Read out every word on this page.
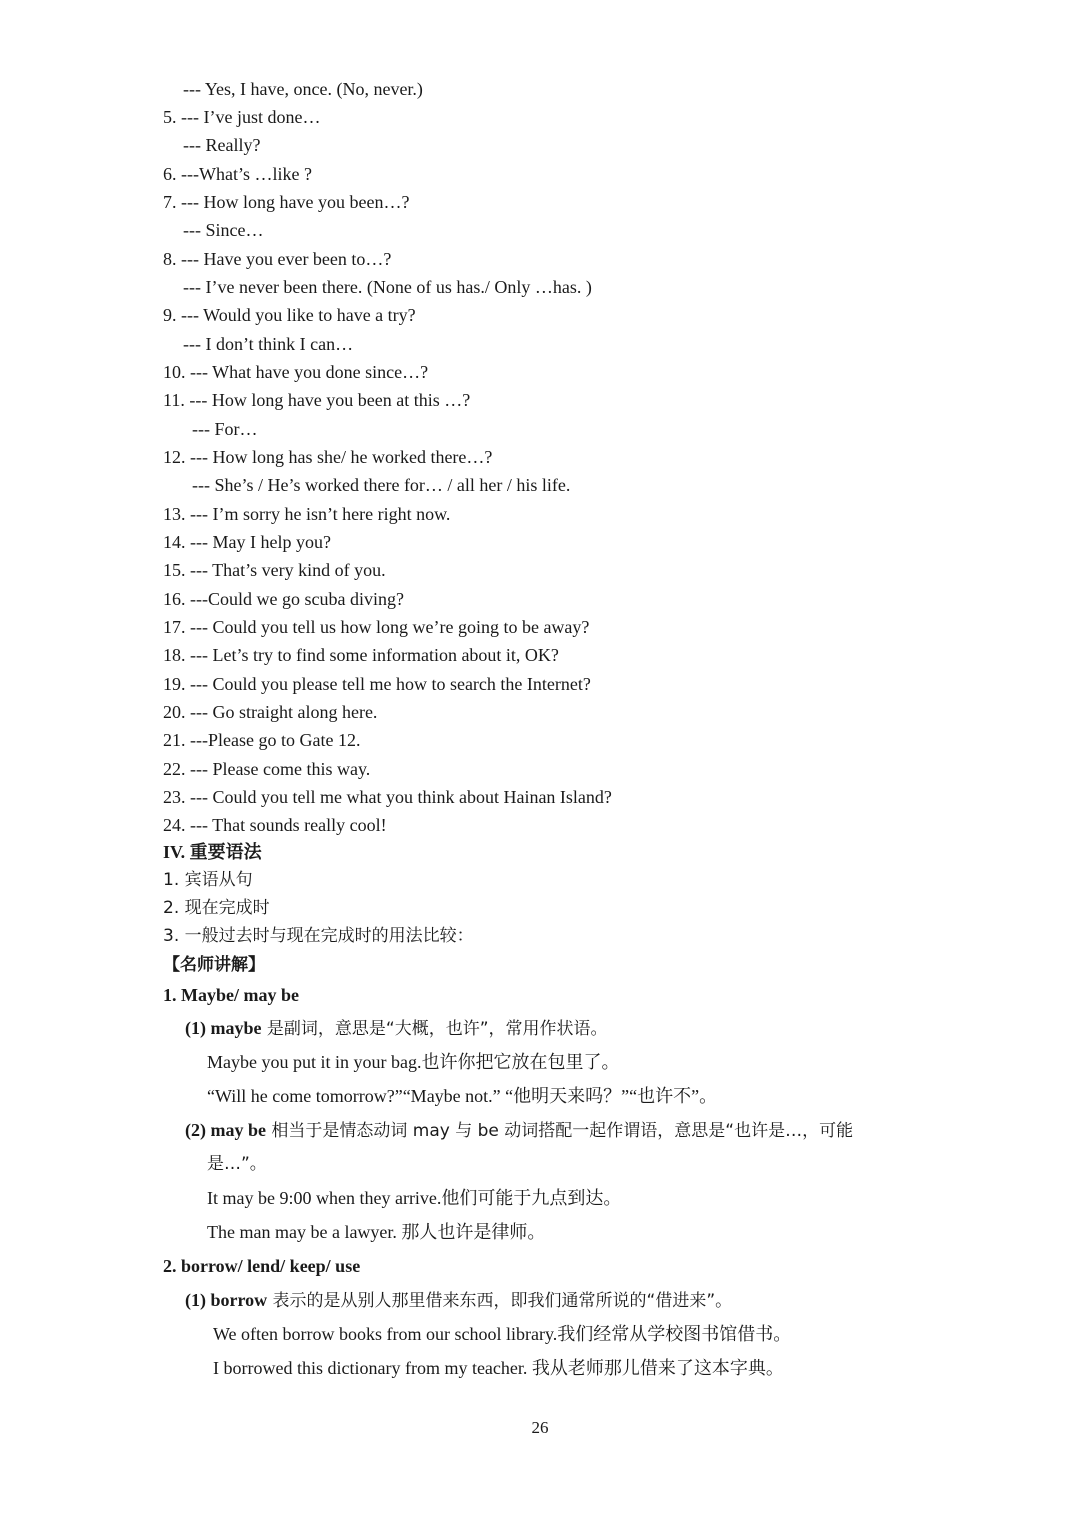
--- Yes, I have, once. (No, never.)
5. --- I’ve just done…
--- Really?
6. ---What’s …like ?
7. --- How long have you been…?
--- Since…
8. --- Have you ever been to…?
--- I’ve never been there. (None of us has./ Only …has. )
9. --- Would you like to have a try?
--- I don’t think I can…
10. --- What have you done since…?
11. --- How long have you been at this …?
--- For…
12. --- How long has she/ he worked there…?
--- She’s / He’s worked there for… / all her / his life.
13. --- I’m sorry he isn’t here right now.
14. --- May I help you?
15. --- That’s very kind of you.
16. ---Could we go scuba diving?
17. --- Could you tell us how long we’re going to be away?
18. --- Let’s try to find some information about it, OK?
19. --- Could you please tell me how to search the Internet?
20. --- Go straight along here.
21. ---Please go to Gate 12.
22. --- Please come this way.
23. --- Could you tell me what you think about Hainan Island?
24. --- That sounds really cool!
IV. 重要语法
1. 宾语从句
2. 现在完成时
3. 一般过去时与现在完成时的用法比较：
【名师讲解】
1. Maybe/ may be
(1) maybe 是副词，意思是“大概，也许”，常用作状语。
Maybe you put it in your bag.也许你把它放在包里了。
“Will he come tomorrow?”“Maybe not.” “他明天来吗？”“也许不”。
(2) may be 相当于是情态动词 may 与 be 动词搭配一起作谓语，意思是“也许是…，可能
是…”。
It may be 9:00 when they arrive.他们可能于九点到达。
The man may be a lawyer. 那人也许是律师。
2. borrow/ lend/ keep/ use
(1) borrow 表示的是从别人那里借来东西，即我们通常所说的“借进来”。
We often borrow books from our school library.我们经常从学校图书馆借书。
I borrowed this dictionary from my teacher. 我从老师那儿借来了这本字典。
26
